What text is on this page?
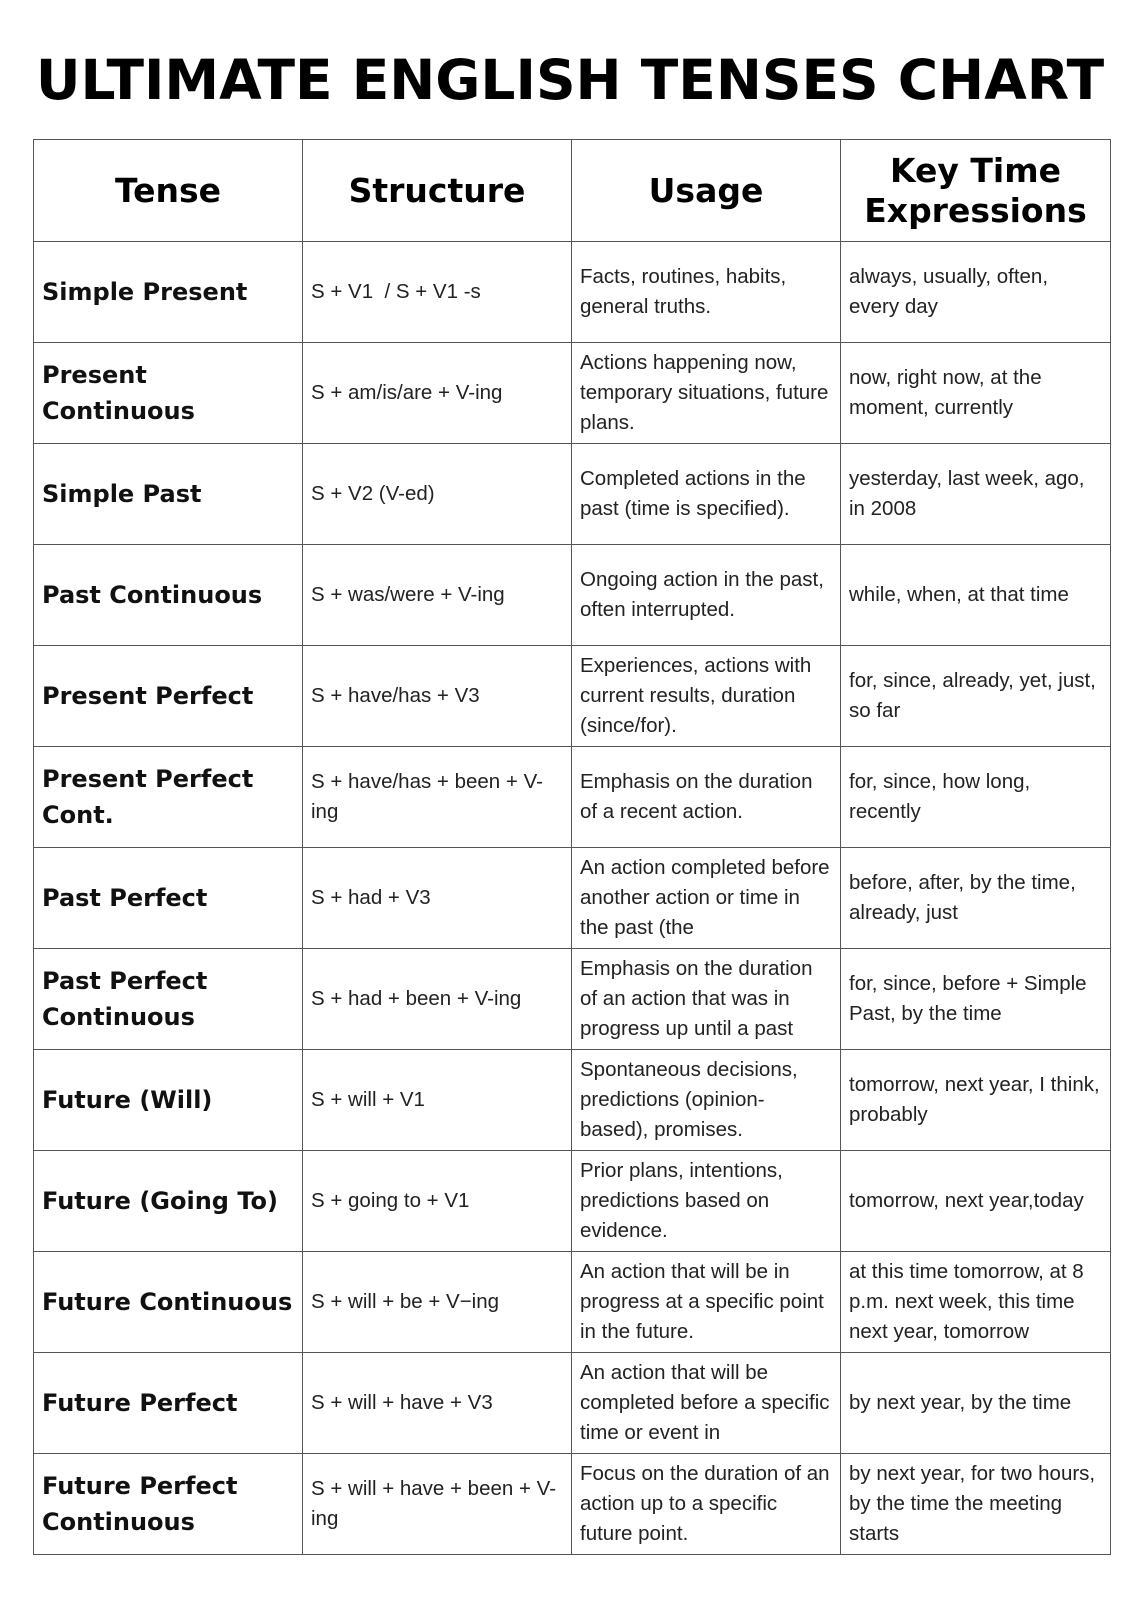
ULTIMATE ENGLISH TENSES CHART
Tense	Structure	Usage	Key Time Expressions
Simple Present	S + V1  / S + V1 -s	Facts, routines, habits, general truths.	always, usually, often, every day

Present Continuous	S + am/is/are + V-ing	Actions happening now, temporary situations, future plans.	now, right now, at the moment, currently

Simple Past	S + V2 (V-ed)	Completed actions in the past (time is specified).	yesterday, last week, ago, in 2008

Past Continuous	S + was/were + V-ing	Ongoing action in the past, often interrupted.	while, when, at that time

Present Perfect	S + have/has + V3	Experiences, actions with current results, duration (since/for).	for, since, already, yet, just, so far

Present Perfect Cont.	S + have/has + been + V-ing	Emphasis on the duration of a recent action.	for, since, how long, recently

Past Perfect	S + had + V3	An action completed before another action or time in the past (the	before, after, by the time, already, just

Past Perfect Continuous	S + had + been + V-ing	Emphasis on the duration of an action that was in progress up until a past	for, since, before + Simple Past, by the time

Future (Will)	S + will + V1	Spontaneous decisions, predictions (opinion-based), promises.	tomorrow, next year, I think, probably

Future (Going To)	S + going to + V1	Prior plans, intentions, predictions based on evidence.	tomorrow, next year,today

Future Continuous	S + will + be + V−ing	An action that will be in progress at a specific point in the future.	at this time tomorrow, at 8 p.m. next week, this time next year, tomorrow

Future Perfect	S + will + have + V3	An action that will be completed before a specific time or event in	by next year, by the time

Future Perfect Continuous	S + will + have + been + V-ing	Focus on the duration of an action up to a specific future point.	by next year, for two hours, by the time the meeting starts
